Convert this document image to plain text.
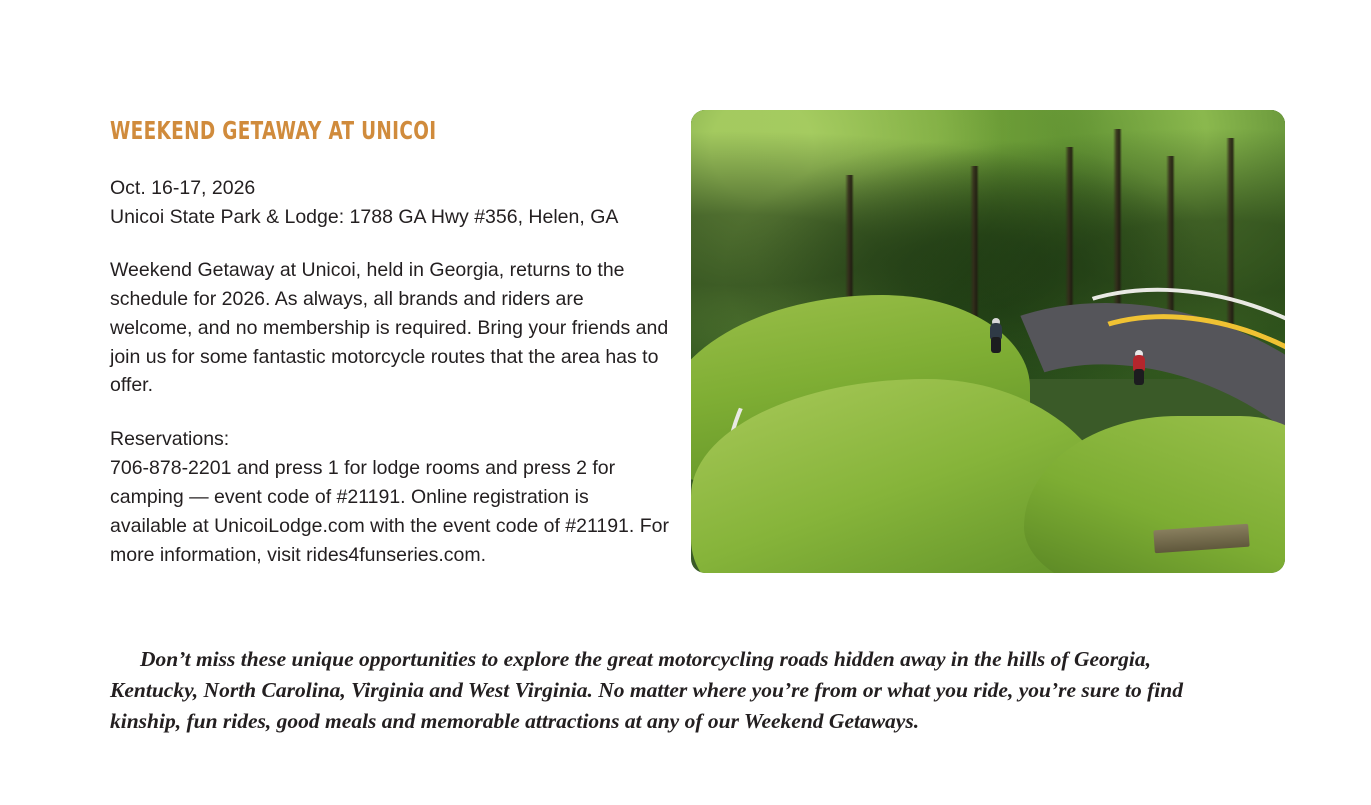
WEEKEND GETAWAY AT UNICOI

Oct. 16-17, 2026
Unicoi State Park & Lodge: 1788 GA Hwy #356, Helen, GA

Weekend Getaway at Unicoi, held in Georgia, returns to the schedule for 2026. As always, all brands and riders are welcome, and no membership is required. Bring your friends and join us for some fantastic motorcycle routes that the area has to offer.

Reservations:
706-878-2201 and press 1 for lodge rooms and press 2 for camping — event code of #21191. Online registration is available at UnicoiLodge.com with the event code of #21191. For more information, visit rides4funseries.com.

Don’t miss these unique opportunities to explore the great motorcycling roads hidden away in the hills of Georgia, Kentucky, North Carolina, Virginia and West Virginia. No matter where you’re from or what you ride, you’re sure to find kinship, fun rides, good meals and memorable attractions at any of our Weekend Getaways.
